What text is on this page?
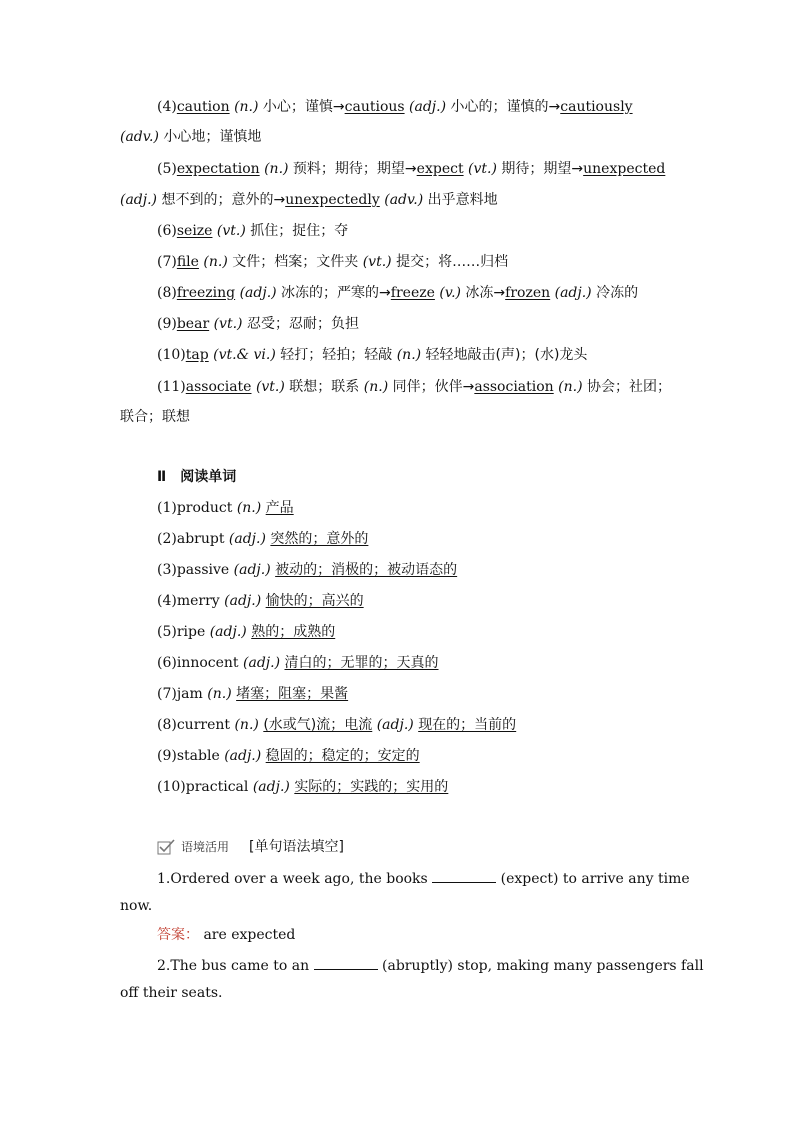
(4)caution (n.) 小心；谨慎→cautious (adj.) 小心的；谨慎的→cautiously
(adv.) 小心地；谨慎地
(5)expectation (n.) 预料；期待；期望→expect (vt.) 期待；期望→unexpected
(adj.) 想不到的；意外的→unexpectedly (adv.) 出乎意料地
(6)seize (vt.) 抓住；捉住；夺
(7)file (n.) 文件；档案；文件夹 (vt.) 提交；将……归档
(8)freezing (adj.) 冰冻的；严寒的→freeze (v.) 冰冻→frozen (adj.) 冷冻的
(9)bear (vt.) 忍受；忍耐；负担
(10)tap (vt.& vi.) 轻打；轻拍；轻敲 (n.) 轻轻地敲击(声)；(水)龙头
(11)associate (vt.) 联想；联系 (n.) 同伴；伙伴→association (n.) 协会；社团；
联合；联想
Ⅱ　阅读单词
(1)product (n.) 产品
(2)abrupt (adj.) 突然的；意外的
(3)passive (adj.) 被动的；消极的；被动语态的
(4)merry (adj.) 愉快的；高兴的
(5)ripe (adj.) 熟的；成熟的
(6)innocent (adj.) 清白的；无罪的；天真的
(7)jam (n.) 堵塞；阻塞；果酱
(8)current (n.) (水或气)流；电流 (adj.) 现在的；当前的
(9)stable (adj.) 稳固的；稳定的；安定的
(10)practical (adj.) 实际的；实践的；实用的
语境活用 [单句语法填空]
1.Ordered over a week ago, the books	(expect) to arrive any time
now.
答案： are expected
2.The bus came to an	(abruptly) stop, making many passengers fall
off their seats.
